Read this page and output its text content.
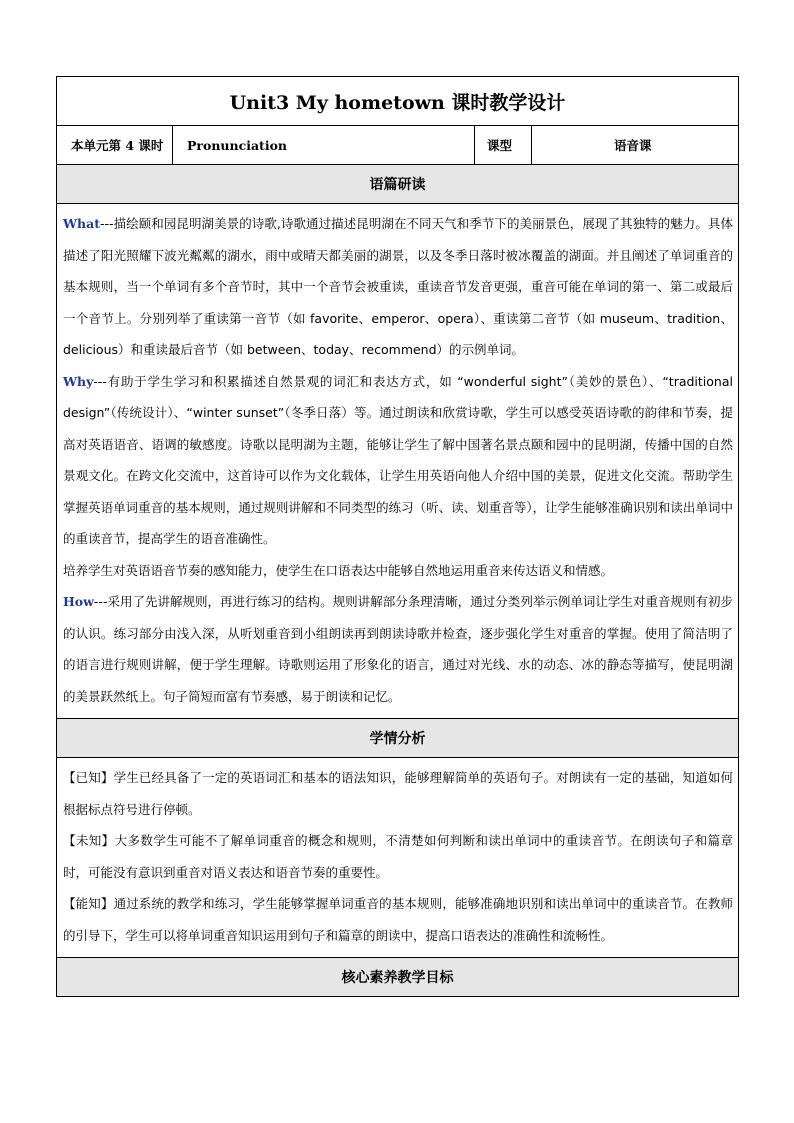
Unit3 My hometown 课时教学设计
本单元第 4 课时	Pronunciation	课型	语音课
语篇研读

What---描绘颐和园昆明湖美景的诗歌,诗歌通过描述昆明湖在不同天气和季节下的美丽景色，展现了其独特的魅力。具体描述了阳光照耀下波光粼粼的湖水，雨中或晴天都美丽的湖景，以及冬季日落时被冰覆盖的湖面。并且阐述了单词重音的基本规则，当一个单词有多个音节时，其中一个音节会被重读，重读音节发音更强，重音可能在单词的第一、第二或最后一个音节上。分别列举了重读第一音节（如 favorite、emperor、opera）、重读第二音节（如 museum、tradition、delicious）和重读最后音节（如 between、today、recommend）的示例单词。

Why---有助于学生学习和积累描述自然景观的词汇和表达方式，如 “wonderful sight”（美妙的景色）、“traditional design”（传统设计）、“winter sunset”（冬季日落）等。通过朗读和欣赏诗歌，学生可以感受英语诗歌的韵律和节奏，提高对英语语音、语调的敏感度。诗歌以昆明湖为主题，能够让学生了解中国著名景点颐和园中的昆明湖，传播中国的自然景观文化。在跨文化交流中，这首诗可以作为文化载体，让学生用英语向他人介绍中国的美景，促进文化交流。帮助学生掌握英语单词重音的基本规则，通过规则讲解和不同类型的练习（听、读、划重音等），让学生能够准确识别和读出单词中的重读音节，提高学生的语音准确性。

培养学生对英语语音节奏的感知能力，使学生在口语表达中能够自然地运用重音来传达语义和情感。

How---采用了先讲解规则，再进行练习的结构。规则讲解部分条理清晰，通过分类列举示例单词让学生对重音规则有初步的认识。练习部分由浅入深，从听划重音到小组朗读再到朗读诗歌并检查，逐步强化学生对重音的掌握。使用了简洁明了的语言进行规则讲解，便于学生理解。诗歌则运用了形象化的语言，通过对光线、水的动态、冰的静态等描写，使昆明湖的美景跃然纸上。句子简短而富有节奏感，易于朗读和记忆。

学情分析

【已知】学生已经具备了一定的英语词汇和基本的语法知识，能够理解简单的英语句子。对朗读有一定的基础，知道如何根据标点符号进行停顿。

【未知】大多数学生可能不了解单词重音的概念和规则，不清楚如何判断和读出单词中的重读音节。在朗读句子和篇章时，可能没有意识到重音对语义表达和语音节奏的重要性。

【能知】通过系统的教学和练习，学生能够掌握单词重音的基本规则，能够准确地识别和读出单词中的重读音节。在教师的引导下，学生可以将单词重音知识运用到句子和篇章的朗读中，提高口语表达的准确性和流畅性。

核心素养教学目标
